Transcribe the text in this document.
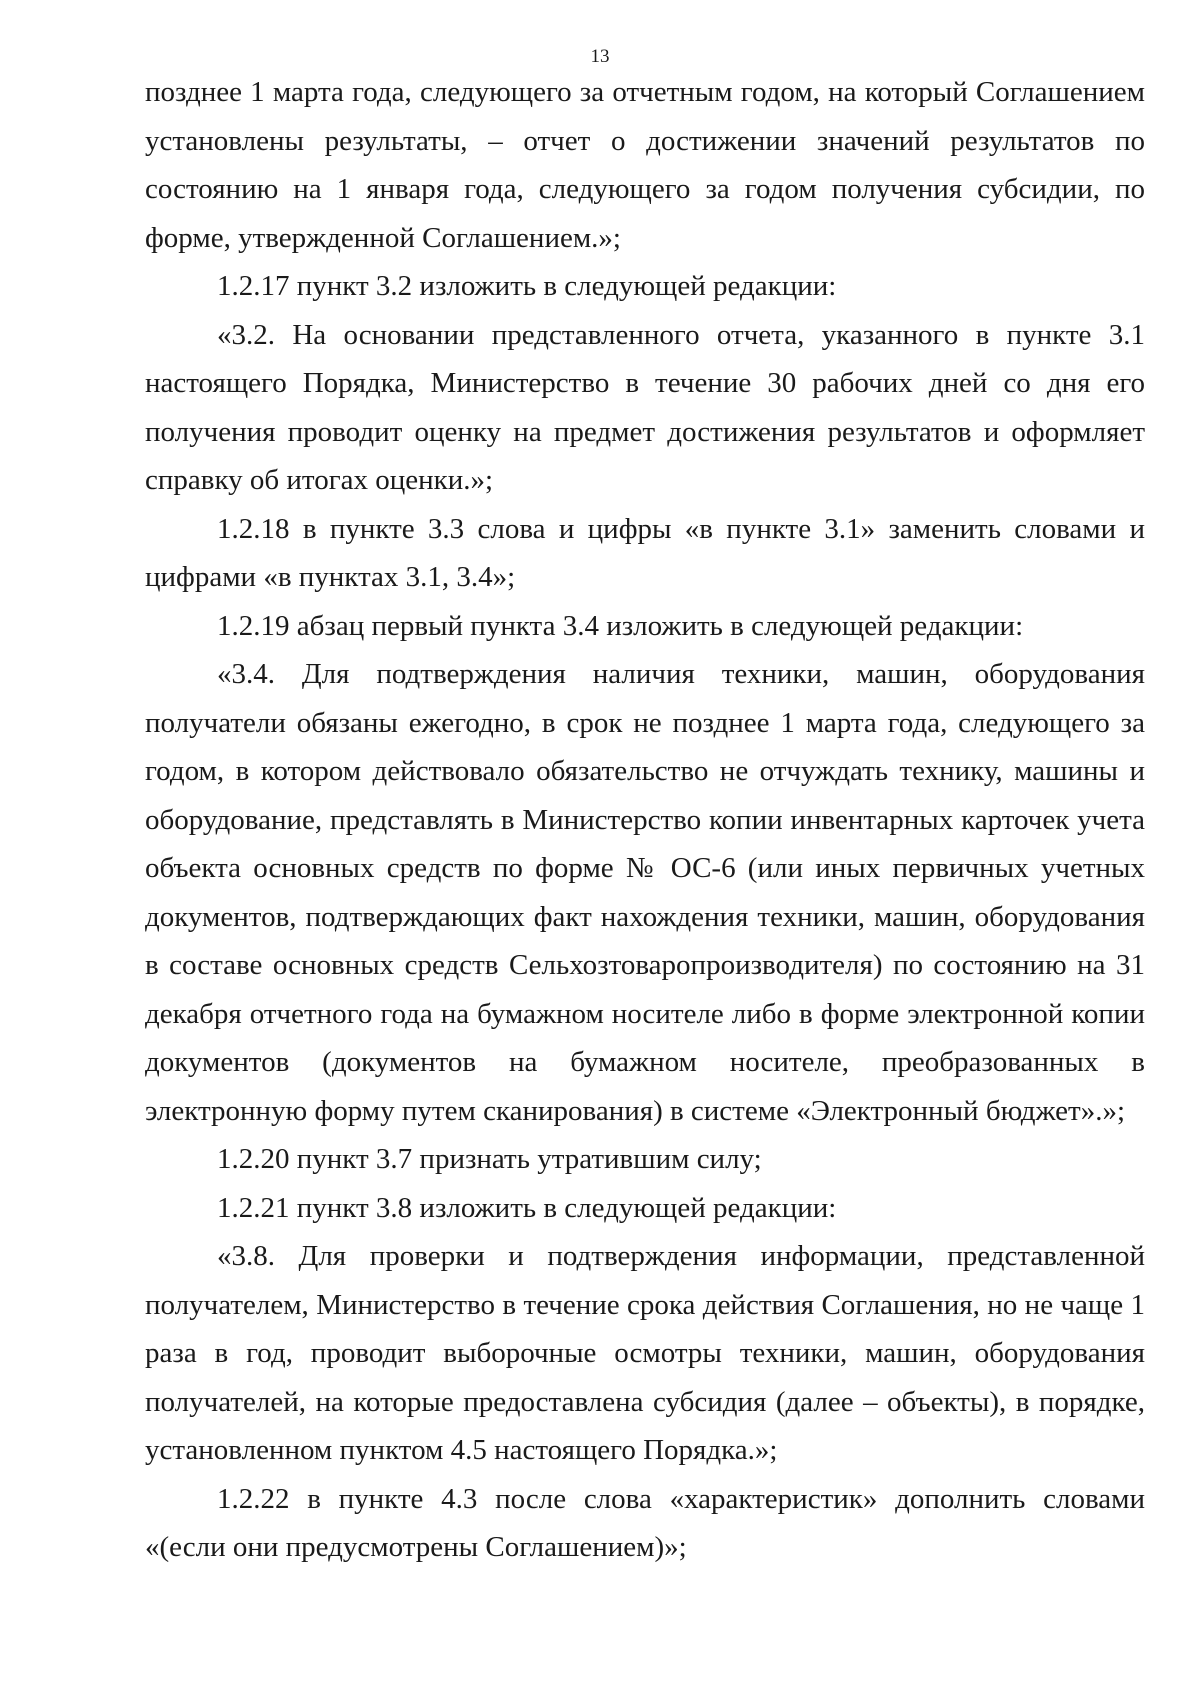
13

позднее 1 марта года, следующего за отчетным годом, на который Соглашением установлены результаты, – отчет о достижении значений результатов по состоянию на 1 января года, следующего за годом получения субсидии, по форме, утвержденной Соглашением.»;

1.2.17 пункт 3.2 изложить в следующей редакции:

«3.2. На основании представленного отчета, указанного в пункте 3.1 настоящего Порядка, Министерство в течение 30 рабочих дней со дня его получения проводит оценку на предмет достижения результатов и оформляет справку об итогах оценки.»;

1.2.18 в пункте 3.3 слова и цифры «в пункте 3.1» заменить словами и цифрами «в пунктах 3.1, 3.4»;

1.2.19 абзац первый пункта 3.4 изложить в следующей редакции:

«3.4. Для подтверждения наличия техники, машин, оборудования получатели обязаны ежегодно, в срок не позднее 1 марта года, следующего за годом, в котором действовало обязательство не отчуждать технику, машины и оборудование, представлять в Министерство копии инвентарных карточек учета объекта основных средств по форме № ОС-6 (или иных первичных учетных документов, подтверждающих факт нахождения техники, машин, оборудования в составе основных средств Сельхозтоваропроизводителя) по состоянию на 31 декабря отчетного года на бумажном носителе либо в форме электронной копии документов (документов на бумажном носителе, преобразованных в электронную форму путем сканирования) в системе «Электронный бюджет».»;

1.2.20 пункт 3.7 признать утратившим силу;

1.2.21 пункт 3.8 изложить в следующей редакции:

«3.8. Для проверки и подтверждения информации, представленной получателем, Министерство в течение срока действия Соглашения, но не чаще 1 раза в год, проводит выборочные осмотры техники, машин, оборудования получателей, на которые предоставлена субсидия (далее – объекты), в порядке, установленном пунктом 4.5 настоящего Порядка.»;

1.2.22 в пункте 4.3 после слова «характеристик» дополнить словами «(если они предусмотрены Соглашением)»;
